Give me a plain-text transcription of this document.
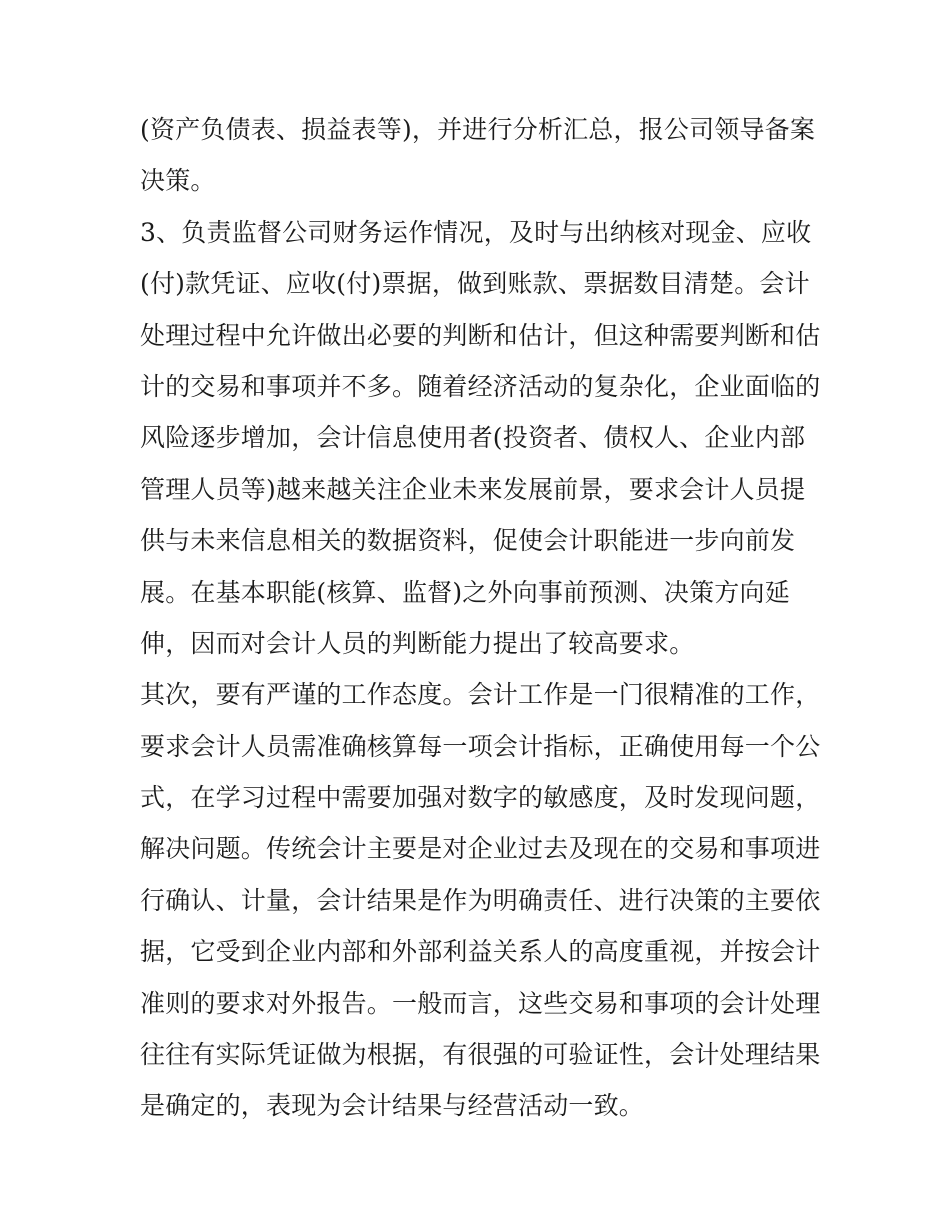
(资产负债表、损益表等)，并进行分析汇总，报公司领导备案
决策。
3、负责监督公司财务运作情况，及时与出纳核对现金、应收
(付)款凭证、应收(付)票据，做到账款、票据数目清楚。会计
处理过程中允许做出必要的判断和估计，但这种需要判断和估
计的交易和事项并不多。随着经济活动的复杂化，企业面临的
风险逐步增加，会计信息使用者(投资者、债权人、企业内部
管理人员等)越来越关注企业未来发展前景，要求会计人员提
供与未来信息相关的数据资料，促使会计职能进一步向前发
展。在基本职能(核算、监督)之外向事前预测、决策方向延
伸，因而对会计人员的判断能力提出了较高要求。
其次，要有严谨的工作态度。会计工作是一门很精准的工作，
要求会计人员需准确核算每一项会计指标，正确使用每一个公
式，在学习过程中需要加强对数字的敏感度，及时发现问题，
解决问题。传统会计主要是对企业过去及现在的交易和事项进
行确认、计量，会计结果是作为明确责任、进行决策的主要依
据，它受到企业内部和外部利益关系人的高度重视，并按会计
准则的要求对外报告。一般而言，这些交易和事项的会计处理
往往有实际凭证做为根据，有很强的可验证性，会计处理结果
是确定的，表现为会计结果与经营活动一致。
